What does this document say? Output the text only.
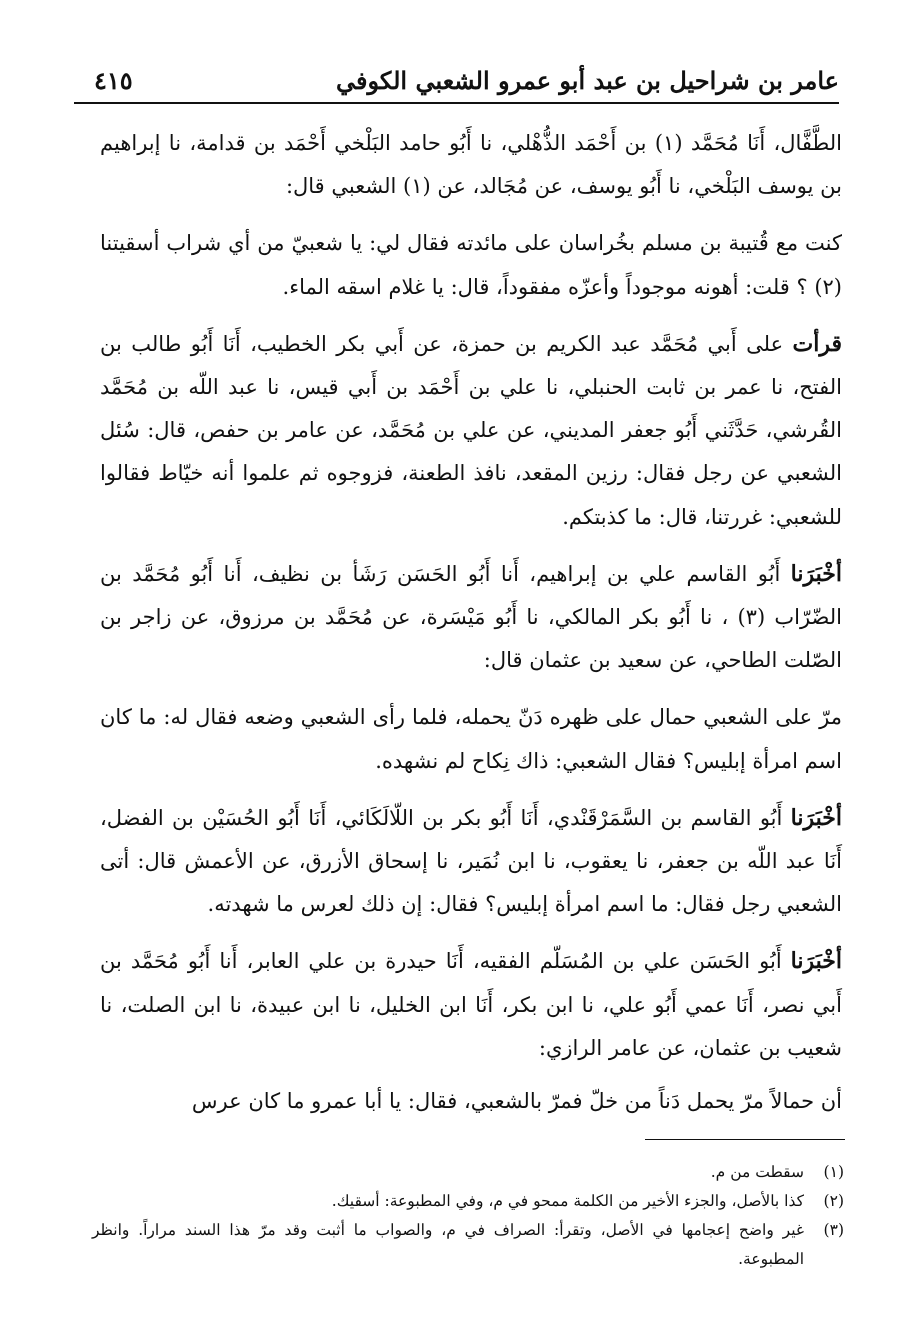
عامر بن شراحيل بن عبد أبو عمرو الشعبي الكوفي
٤١٥

الطَّفَّال، أَنَا مُحَمَّد (١) بن أَحْمَد الذُّهْلي، نا أَبُو حامد البَلْخي أَحْمَد بن قدامة، نا إبراهيم بن يوسف البَلْخي، نا أَبُو يوسف، عن مُجَالد، عن (١) الشعبي قال:

كنت مع قُتيبة بن مسلم بخُراسان على مائدته فقال لي: يا شعبيّ من أي شراب أسقيتنا (٢) ؟ قلت: أهونه موجوداً وأعزّه مفقوداً، قال: يا غلام اسقه الماء.

قرأت على أَبي مُحَمَّد عبد الكريم بن حمزة، عن أَبي بكر الخطيب، أَنَا أَبُو طالب بن الفتح، نا عمر بن ثابت الحنبلي، نا علي بن أَحْمَد بن أَبي قيس، نا عبد اللّه بن مُحَمَّد القُرشي، حَدَّثَني أَبُو جعفر المديني، عن علي بن مُحَمَّد، عن عامر بن حفص، قال: سُئل الشعبي عن رجل فقال: رزين المقعد، نافذ الطعنة، فزوجوه ثم علموا أنه خيّاط فقالوا للشعبي: غررتنا، قال: ما كذبتكم.

أخْبَرَنا أَبُو القاسم علي بن إبراهيم، أَنا أَبُو الحَسَن رَشَأ بن نظيف، أَنا أَبُو مُحَمَّد بن الضّرّاب (٣) ، نا أَبُو بكر المالكي، نا أَبُو مَيْسَرة، عن مُحَمَّد بن مرزوق، عن زاجر بن الصّلت الطاحي، عن سعيد بن عثمان قال:

مرّ على الشعبي حمال على ظهره دَنّ يحمله، فلما رأى الشعبي وضعه فقال له: ما كان اسم امرأة إبليس؟ فقال الشعبي: ذاك نِكاح لم نشهده.

أخْبَرَنا أَبُو القاسم بن السَّمَرْقَنْدي، أَنَا أَبُو بكر بن اللّالَكَائي، أَنَا أَبُو الحُسَيْن بن الفضل، أَنَا عبد اللّه بن جعفر، نا يعقوب، نا ابن نُمَير، نا إسحاق الأزرق، عن الأعمش قال: أتى الشعبي رجل فقال: ما اسم امرأة إبليس؟ فقال: إن ذلك لعرس ما شهدته.

أخْبَرَنا أَبُو الحَسَن علي بن المُسَلّم الفقيه، أَنَا حيدرة بن علي العابر، أَنا أَبُو مُحَمَّد بن أَبي نصر، أَنَا عمي أَبُو علي، نا ابن بكر، أَنَا ابن الخليل، نا ابن عبيدة، نا ابن الصلت، نا شعيب بن عثمان، عن عامر الرازي:

أن حمالاً مرّ يحمل دَناً من خلّ فمرّ بالشعبي، فقال: يا أبا عمرو ما كان عرس

(١)
سقطت من م.
(٢)
كذا بالأصل، والجزء الأخير من الكلمة ممحو في م، وفي المطبوعة: أسقيك.
(٣)
غير واضح إعجامها في الأصل، وتقرأ: الصراف في م، والصواب ما أثبت وقد مرّ هذا السند مراراً. وانظر المطبوعة.
